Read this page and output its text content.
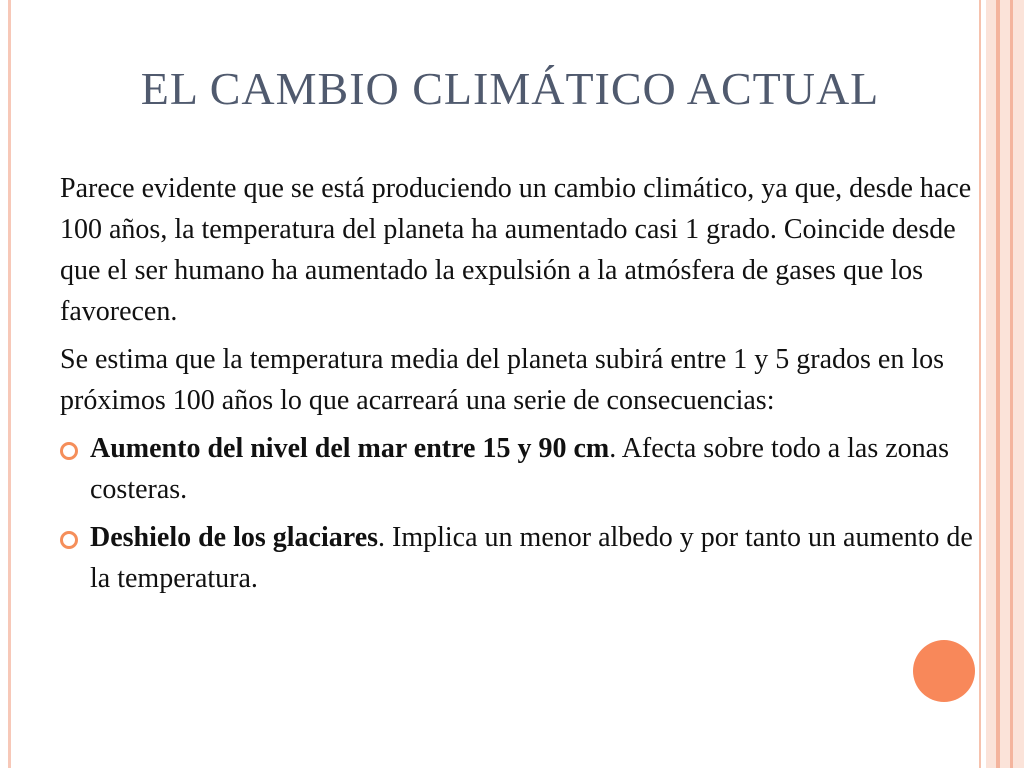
EL CAMBIO CLIMÁTICO ACTUAL

Parece evidente que se está produciendo un cambio climático, ya que, desde hace 100 años, la temperatura del planeta ha aumentado casi 1 grado. Coincide desde que el ser humano ha aumentado la expulsión a la atmósfera de gases que los favorecen.

Se estima que la temperatura media del planeta subirá entre 1 y 5 grados en los próximos 100 años lo que acarreará una serie de consecuencias:

Aumento del nivel del mar entre 15 y 90 cm. Afecta sobre todo a las zonas costeras.
Deshielo de los glaciares. Implica un menor albedo y por tanto un aumento de la temperatura.
